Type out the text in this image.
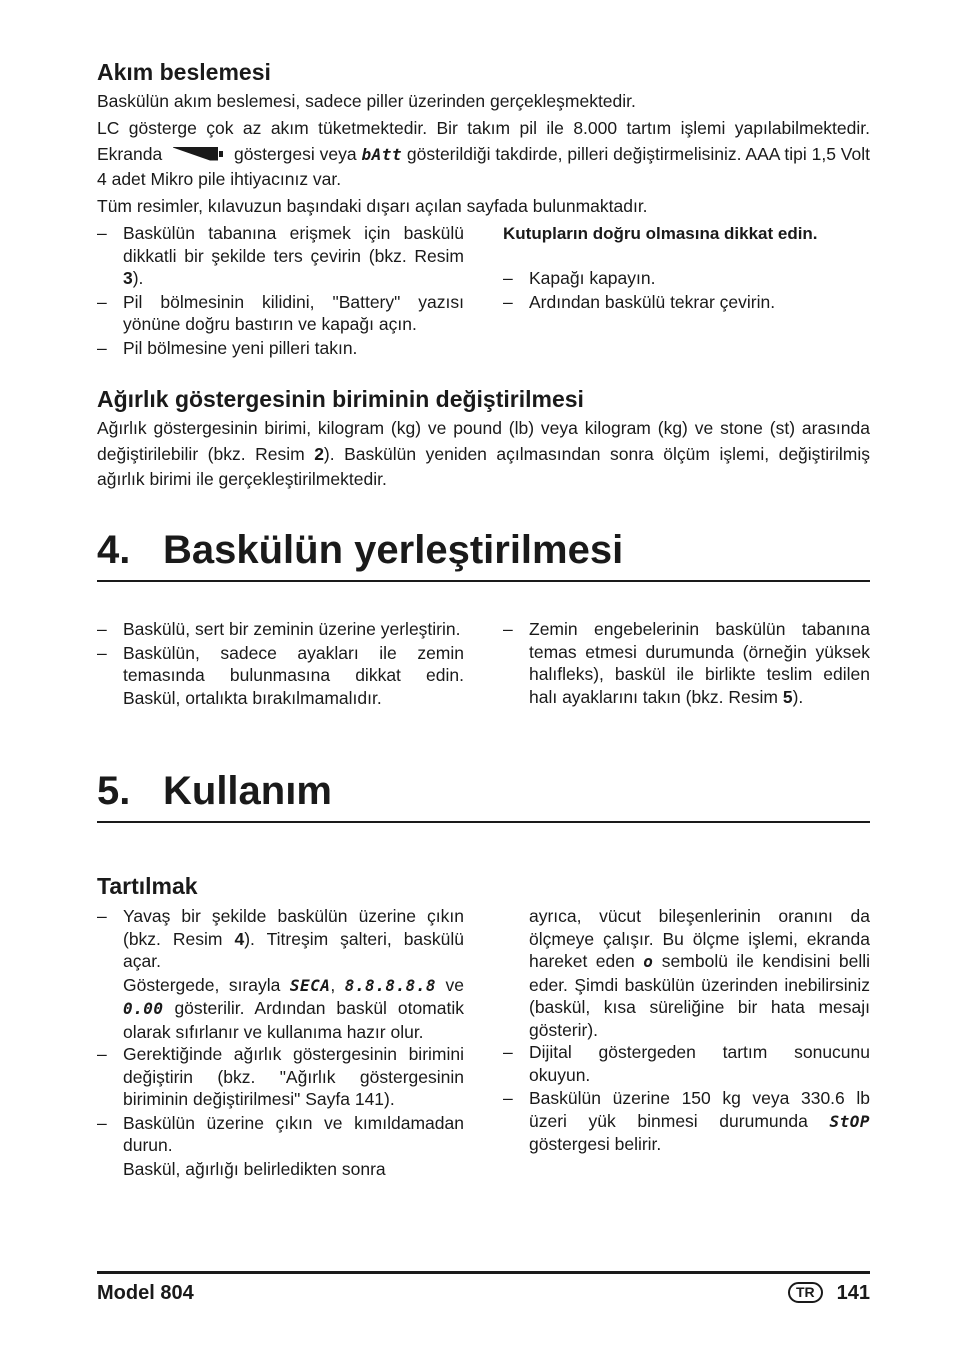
Akım beslemesi

Baskülün akım beslemesi, sadece piller üzerinden gerçekleşmektedir.

LC gösterge çok az akım tüketmektedir. Bir takım pil ile 8.000 tartım işlemi yapılabilmektedir. Ekranda	göstergesi veya bAtt gösterildiği takdirde, pilleri değiştirmelisiniz. AAA tipi 1,5 Volt 4 adet Mikro pile ihtiyacınız var.

Tüm resimler, kılavuzun başındaki dışarı açılan sayfada bulunmaktadır.

– Baskülün tabanına erişmek için baskülü dikkatli bir şekilde ters çevirin (bkz. Resim 3).
– Pil bölmesinin kilidini, "Battery" yazısı yönüne doğru bastırın ve kapağı açın.
– Pil bölmesine yeni pilleri takın.

Kutupların doğru olmasına dikkat edin.

– Kapağı kapayın.
– Ardından baskülü tekrar çevirin.
Ağırlık göstergesinin biriminin değiştirilmesi

Ağırlık göstergesinin birimi, kilogram (kg) ve pound (lb) veya kilogram (kg) ve stone (st) arasında değiştirilebilir (bkz. Resim 2). Baskülün yeniden açılmasından sonra ölçüm işlemi, değiştirilmiş ağırlık birimi ile gerçekleştirilmektedir.

4. Baskülün yerleştirilmesi
– Baskülü, sert bir zeminin üzerine yerleştirin.
– Baskülün, sadece ayakları ile zemin temasında bulunmasına dikkat edin. Baskül, ortalıkta bırakılmamalıdır.
– Zemin engebelerinin baskülün tabanına temas etmesi durumunda (örneğin yüksek halıfleks), baskül ile birlikte teslim edilen halı ayaklarını takın (bkz. Resim 5).
5. Kullanım
Tartılmak
– Yavaş bir şekilde baskülün üzerine çıkın (bkz. Resim 4). Titreşim şalteri, baskülü açar.

Göstergede, sırayla SECA, 8.8.8.8.8 ve 0.00 gösterilir. Ardından baskül otomatik olarak sıfırlanır ve kullanıma hazır olur.

– Gerektiğinde ağırlık göstergesinin birimini değiştirin (bkz. "Ağırlık göstergesinin biriminin değiştirilmesi" Sayfa 141).
– Baskülün üzerine çıkın ve kımıldamadan durun.

Baskül, ağırlığı belirledikten sonra

ayrıca, vücut bileşenlerinin oranını da ölçmeye çalışır. Bu ölçme işlemi, ekranda hareket eden o sembolü ile kendisini belli eder. Şimdi baskülün üzerinden inebilirsiniz (baskül, kısa süreliğine bir hata mesajı gösterir).

– Dijital göstergeden tartım sonucunu okuyun.
– Baskülün üzerine 150 kg veya 330.6 lb üzeri yük binmesi durumunda StOP göstergesi belirir.
Model 804	TR 141
